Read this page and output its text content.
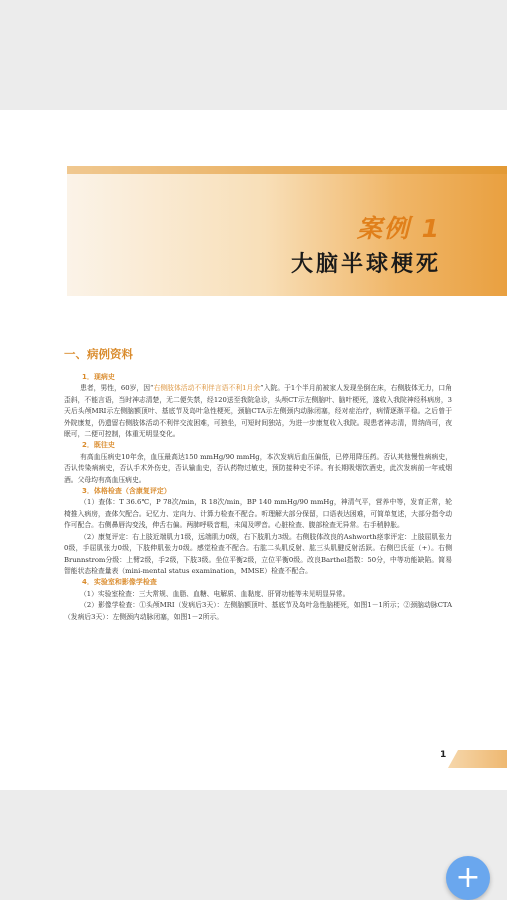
案例 1
大脑半球梗死
一、病例资料
1．现病史

患者，男性，60岁，因“右侧肢体活动不利伴言语不利1月余”入院。于1个半月前被家人发现坐倒在床，右侧肢体无力，口角歪斜，不能言语，当时神志清楚，无二便失禁，经120送至我院急诊，头颅CT示左侧脑叶、脑叶梗死，遂收入我院神经科病房，3天后头颅MRI示左侧脑额顶叶、基底节及岛叶急性梗死，颈脑CTA示左侧颈内动脉闭塞，经对症治疗，病情逐渐平稳。之后曾于外院康复，仍遗留右侧肢体活动不利伴交流困难，可独坐，可短时间独站，为进一步康复收入我院。现患者神志清，胃纳尚可，夜眠可，二便可控制，体重无明显变化。

2．既往史

有高血压病史10年余，血压最高达150 mmHg/90 mmHg，本次发病后血压偏低，已停用降压药。否认其他慢性病病史，否认传染病病史，否认手术外伤史，否认输血史，否认药物过敏史，预防接种史不详。有长期吸烟饮酒史，此次发病前一年戒烟酒。父母均有高血压病史。

3．体格检查（含康复评定）

（1）查体：T 36.6℃，P 78次/min，R 18次/min，BP 140 mmHg/90 mmHg，神清气平，营养中等，发育正常，轮椅推入病房，查体欠配合。记忆力、定向力、计算力检查不配合。听理解大部分保留，口语表达困难，可简单复述，大部分指令动作可配合。右侧鼻唇沟变浅，伸舌右偏。两肺呼吸音粗，未闻及啰音。心脏检查、腹部检查无异常。右手稍肿胀。

（2）康复评定：右上肢近端肌力1级，远端肌力0级，右下肢肌力3级。右侧肢体改良的Ashworth痉挛评定：上肢屈肌张力0级，手屈肌张力0级，下肢伸肌张力0级。感觉检查不配合。右肱二头肌反射、肱三头肌腱反射活跃。右侧巴氏征（+）。右侧Brunnstrom分级：上臂2级，手2级，下肢3级。坐位平衡2级，立位平衡0级。改良Barthel指数：50分，中等功能缺陷。简易智能状态检查量表（mini-mental status examination，MMSE）检查不配合。

4．实验室和影像学检查

（1）实验室检查：三大常规、血脂、血糖、电解质、血黏度、肝肾功能等未见明显异常。

（2）影像学检查：①头颅MRI（发病后3天）：左侧脑额顶叶、基底节及岛叶急性脑梗死，如图1－1所示；②颈脑动脉CTA（发病后3天）：左侧颈内动脉闭塞，如图1－2所示。

1
+
